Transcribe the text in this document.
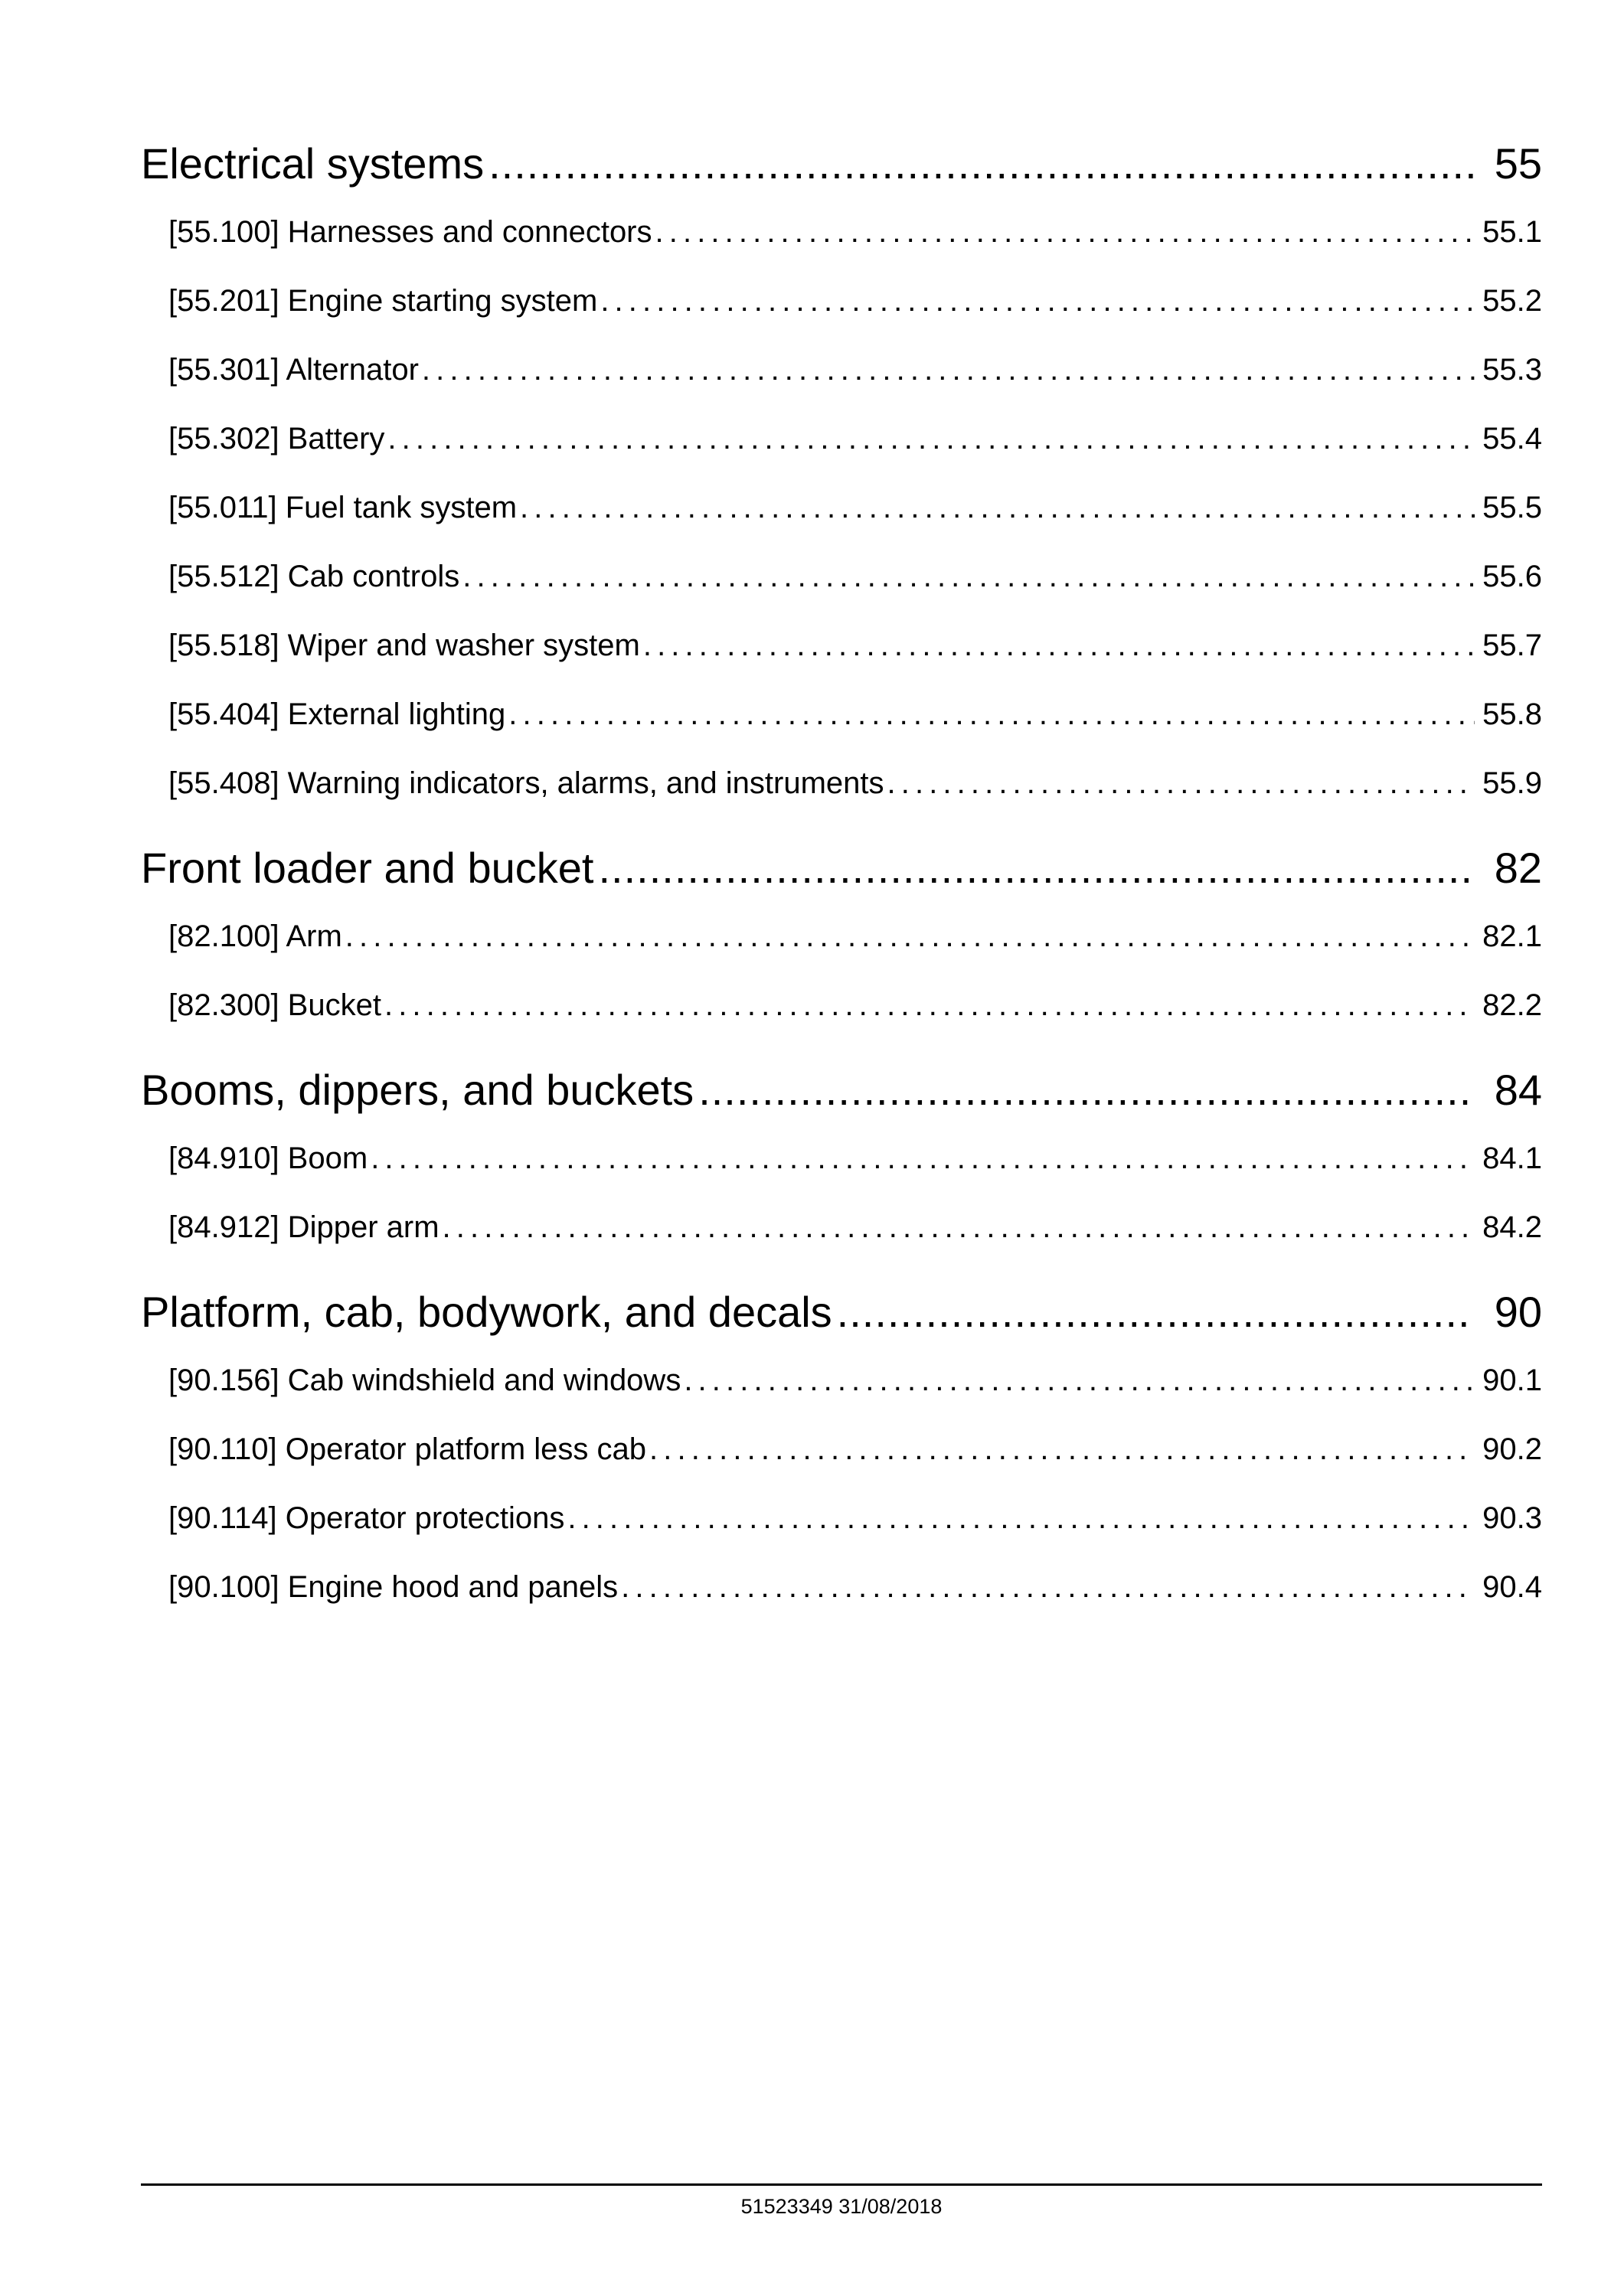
Electrical systems .....	55
[55.100] Harnesses and connectors . . .	55.1
[55.201] Engine starting system . . .	55.2
[55.301] Alternator . . .	55.3
[55.302] Battery . . .	55.4
[55.011] Fuel tank system . . .	55.5
[55.512] Cab controls . . .	55.6
[55.518] Wiper and washer system . . .	55.7
[55.404] External lighting . . .	55.8
[55.408] Warning indicators, alarms, and instruments . . .	55.9
Front loader and bucket .....	82
[82.100] Arm . . .	82.1
[82.300] Bucket . . .	82.2
Booms, dippers, and buckets .....	84
[84.910] Boom . . .	84.1
[84.912] Dipper arm . . .	84.2
Platform, cab, bodywork, and decals .....	90
[90.156] Cab windshield and windows . . .	90.1
[90.110] Operator platform less cab . . .	90.2
[90.114] Operator protections . . .	90.3
[90.100] Engine hood and panels . . .	90.4
51523349 31/08/2018
